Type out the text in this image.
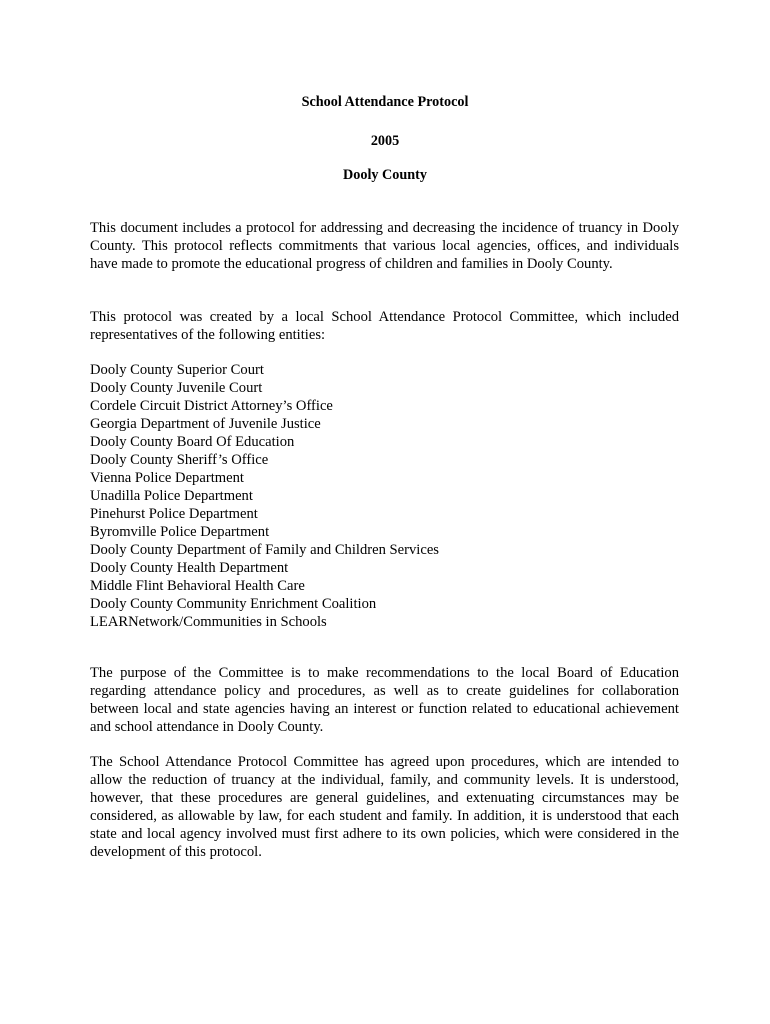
School Attendance Protocol
2005
Dooly County

This document includes a protocol for addressing and decreasing the incidence of truancy in Dooly County. This protocol reflects commitments that various local agencies, offices, and individuals have made to promote the educational progress of children and families in Dooly County.

This protocol was created by a local School Attendance Protocol Committee, which included representatives of the following entities:

Dooly County Superior Court
Dooly County Juvenile Court
Cordele Circuit District Attorney’s Office
Georgia Department of Juvenile Justice
Dooly County Board Of Education
Dooly County Sheriff’s Office
Vienna Police Department
Unadilla Police Department
Pinehurst Police Department
Byromville Police Department
Dooly County Department of Family and Children Services
Dooly County Health Department
Middle Flint Behavioral Health Care
Dooly County Community Enrichment Coalition
LEARNetwork/Communities in Schools

The purpose of the Committee is to make recommendations to the local Board of Education regarding attendance policy and procedures, as well as to create guidelines for collaboration between local and state agencies having an interest or function related to educational achievement and school attendance in Dooly County.

The School Attendance Protocol Committee has agreed upon procedures, which are intended to allow the reduction of truancy at the individual, family, and community levels. It is understood, however, that these procedures are general guidelines, and extenuating circumstances may be considered, as allowable by law, for each student and family. In addition, it is understood that each state and local agency involved must first adhere to its own policies, which were considered in the development of this protocol.
